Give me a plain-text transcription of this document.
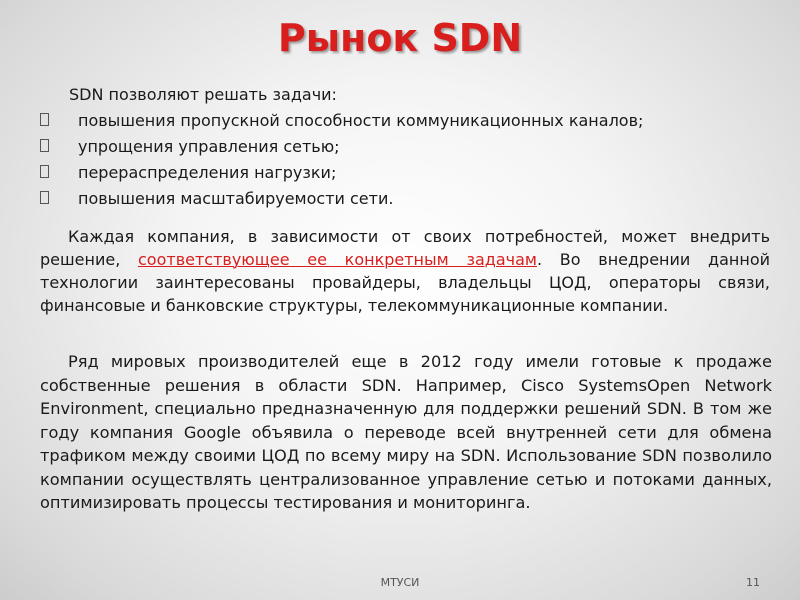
Рынок SDN
SDN позволяют решать задачи:
повышения пропускной способности коммуникационных каналов;
упрощения управления сетью;
перераспределения нагрузки;
повышения масштабируемости сети.

Каждая компания, в зависимости от своих потребностей, может внедрить решение, соответствующее ее конкретным задачам. Во внедрении данной технологии заинтересованы провайдеры, владельцы ЦОД, операторы связи, финансовые и банковские структуры, телекоммуникационные компании.

Ряд мировых производителей еще в 2012 году имели готовые к продаже собственные решения в области SDN. Например, Cisco SystemsOpen Network Environment, специально предназначенную для поддержки решений SDN. В том же году компания Google объявила о переводе всей внутренней сети для обмена трафиком между своими ЦОД по всему миру на SDN. Использование SDN позволило компании осуществлять централизованное управление сетью и потоками данных, оптимизировать процессы тестирования и мониторинга.

МТУСИ	11
